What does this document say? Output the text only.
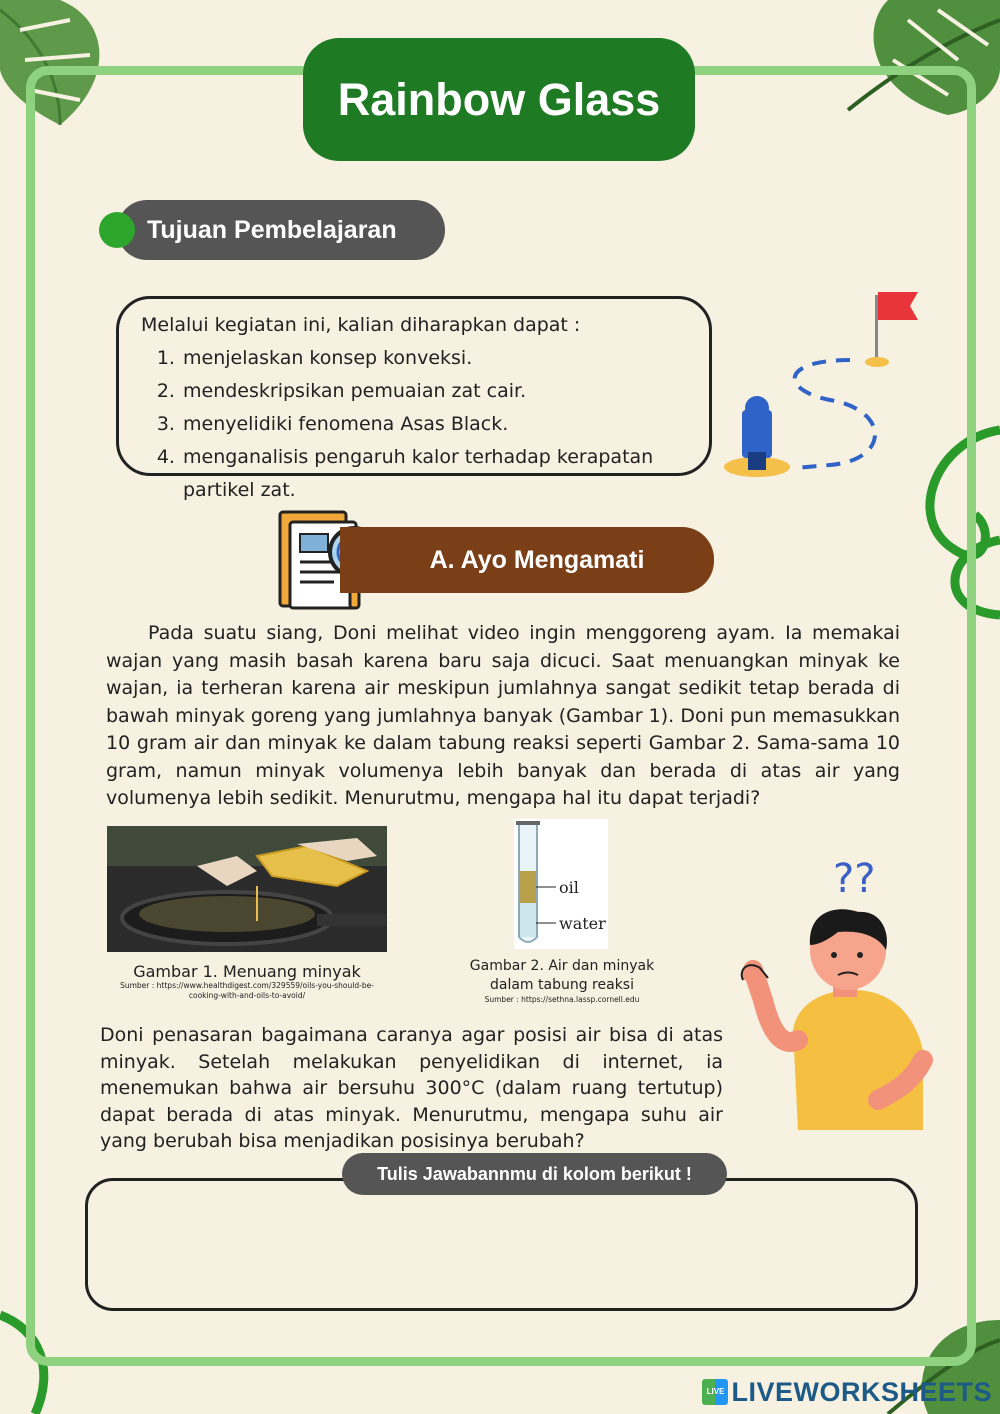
Rainbow Glass
Tujuan Pembelajaran
Melalui kegiatan ini, kalian diharapkan dapat :
1. menjelaskan konsep konveksi.
2. mendeskripsikan pemuaian zat cair.
3. menyelidiki fenomena Asas Black.
4. menganalisis pengaruh kalor terhadap kerapatan partikel zat.
A. Ayo Mengamati
Pada suatu siang, Doni melihat video ingin menggoreng ayam. Ia memakai wajan yang masih basah karena baru saja dicuci. Saat menuangkan minyak ke wajan, ia terheran karena air meskipun jumlahnya sangat sedikit tetap berada di bawah minyak goreng yang jumlahnya banyak (Gambar 1). Doni pun memasukkan 10 gram air dan minyak ke dalam tabung reaksi seperti Gambar 2. Sama-sama 10 gram, namun minyak volumenya lebih banyak dan berada di atas air yang volumenya lebih sedikit. Menurutmu, mengapa hal itu dapat terjadi?
Gambar 1. Menuang minyak
Sumber : https://www.healthdigest.com/329559/oils-you-should-be-cooking-with-and-oils-to-avoid/
oil
water
Gambar 2. Air dan minyak
dalam tabung reaksi
Sumber : https://sethna.lassp.cornell.edu
??
Doni penasaran bagaimana caranya agar posisi air bisa di atas minyak. Setelah melakukan penyelidikan di internet, ia menemukan bahwa air bersuhu 300°C (dalam ruang tertutup) dapat berada di atas minyak. Menurutmu, mengapa suhu air yang berubah bisa menjadikan posisinya berubah?
Tulis Jawabannmu di kolom berikut !
LIVE LIVEWORKSHEETS
